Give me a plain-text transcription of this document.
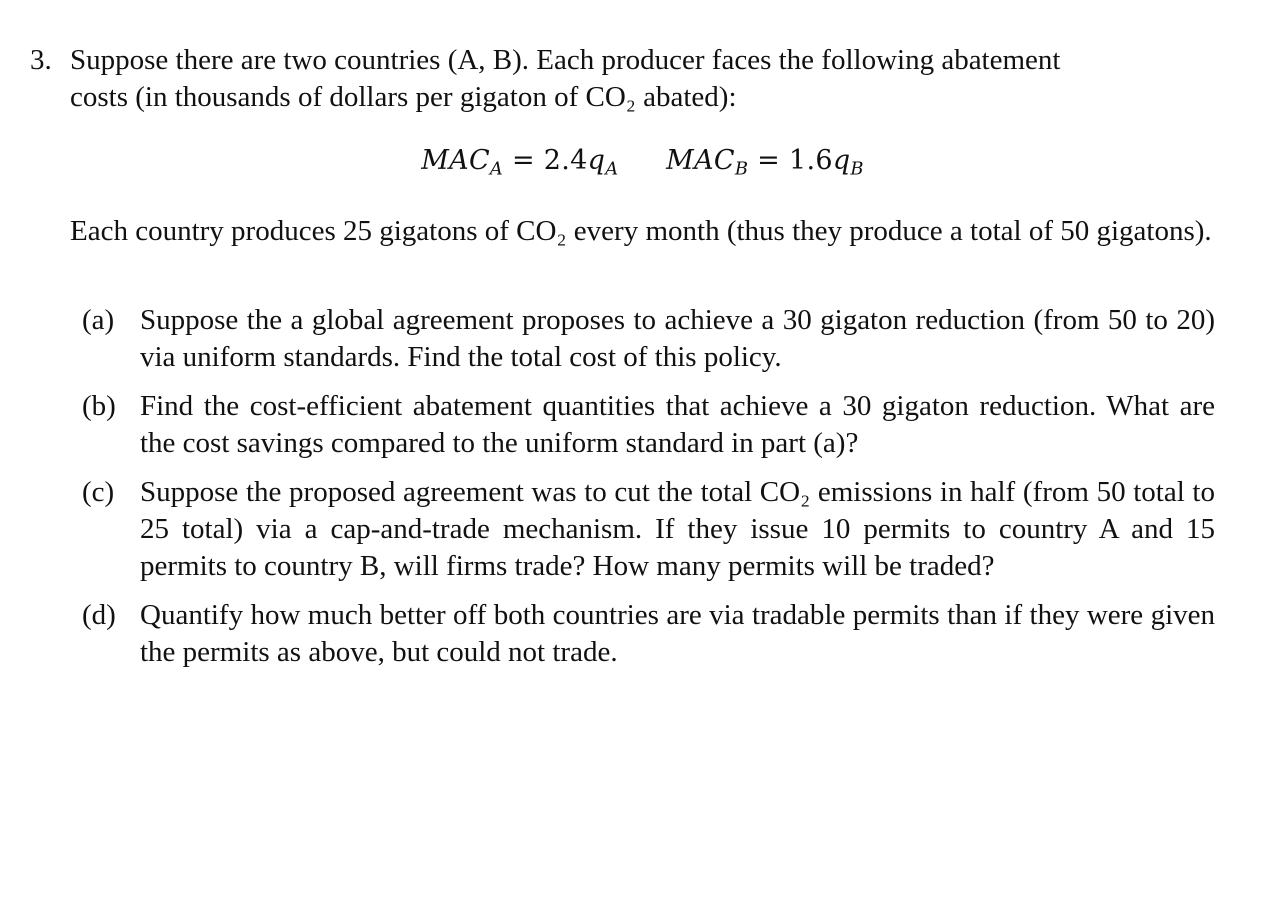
3. Suppose there are two countries (A, B). Each producer faces the following abatement
costs (in thousands of dollars per gigaton of CO₂ abated):
$MAC_A = 2.4q_A$ $MAC_B = 1.6q_B$
Each country produces 25 gigatons of CO₂ every month (thus they produce a total of 50 gigatons).
(a) Suppose the a global agreement proposes to achieve a 30 gigaton reduction (from 50 to 20) via uniform standards. Find the total cost of this policy.
(b) Find the cost-efficient abatement quantities that achieve a 30 gigaton reduction. What are the cost savings compared to the uniform standard in part (a)?
(c) Suppose the proposed agreement was to cut the total CO₂ emissions in half (from 50 total to 25 total) via a cap-and-trade mechanism. If they issue 10 permits to country A and 15 permits to country B, will firms trade? How many permits will be traded?
(d) Quantify how much better off both countries are via tradable permits than if they were given the permits as above, but could not trade.
